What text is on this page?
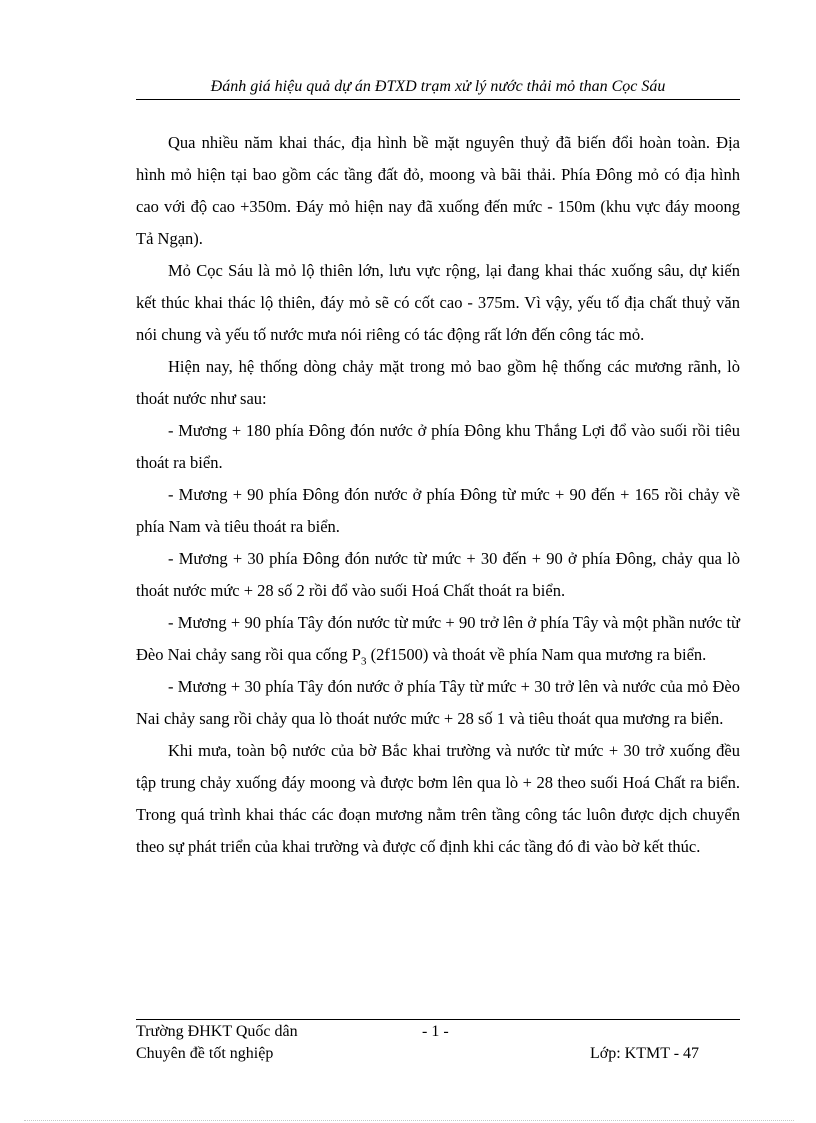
Đánh giá hiệu quả dự án ĐTXD trạm xử lý nước thải mỏ than Cọc Sáu

Qua nhiều năm khai thác, địa hình bề mặt nguyên thuỷ đã biến đổi hoàn toàn. Địa hình mỏ hiện tại bao gồm các tầng đất đỏ, moong và bãi thải. Phía Đông mỏ có địa hình cao với độ cao +350m. Đáy mỏ hiện nay đã xuống đến mức - 150m (khu vực đáy moong Tả Ngạn).

Mỏ Cọc Sáu là mỏ lộ thiên lớn, lưu vực rộng, lại đang khai thác xuống sâu, dự kiến kết thúc khai thác lộ thiên, đáy mỏ sẽ có cốt cao - 375m. Vì vậy, yếu tố địa chất thuỷ văn nói chung và yếu tố nước mưa nói riêng có tác động rất lớn đến công tác mỏ.

Hiện nay, hệ thống dòng chảy mặt trong mỏ bao gồm hệ thống các mương rãnh, lò thoát nước như sau:

- Mương + 180 phía Đông đón nước ở phía Đông khu Thắng Lợi đổ vào suối rồi tiêu thoát ra biển.

- Mương + 90 phía Đông đón nước ở phía Đông từ mức + 90 đến + 165 rồi chảy về phía Nam và tiêu thoát ra biển.

- Mương + 30 phía Đông đón nước từ mức + 30 đến + 90 ở phía Đông, chảy qua lò thoát nước mức + 28 số 2 rồi đổ vào suối Hoá Chất thoát ra biển.

- Mương + 90 phía Tây đón nước từ mức + 90 trở lên ở phía Tây và một phần nước từ Đèo Nai chảy sang rồi qua cống $P_3$ (2f1500) và thoát về phía Nam qua mương ra biển.

- Mương + 30 phía Tây đón nước ở phía Tây từ mức + 30 trở lên và nước của mỏ Đèo Nai chảy sang rồi chảy qua lò thoát nước mức + 28 số 1 và tiêu thoát qua mương ra biển.

Khi mưa, toàn bộ nước của bờ Bắc khai trường và nước từ mức + 30 trở xuống đều tập trung chảy xuống đáy moong và được bơm lên qua lò + 28 theo suối Hoá Chất ra biển. Trong quá trình khai thác các đoạn mương nằm trên tầng công tác luôn được dịch chuyển theo sự phát triển của khai trường và được cố định khi các tầng đó đi vào bờ kết thúc.

Trường ĐHKT Quốc dân	- 1 -
Chuyên đề tốt nghiệp	Lớp: KTMT - 47
